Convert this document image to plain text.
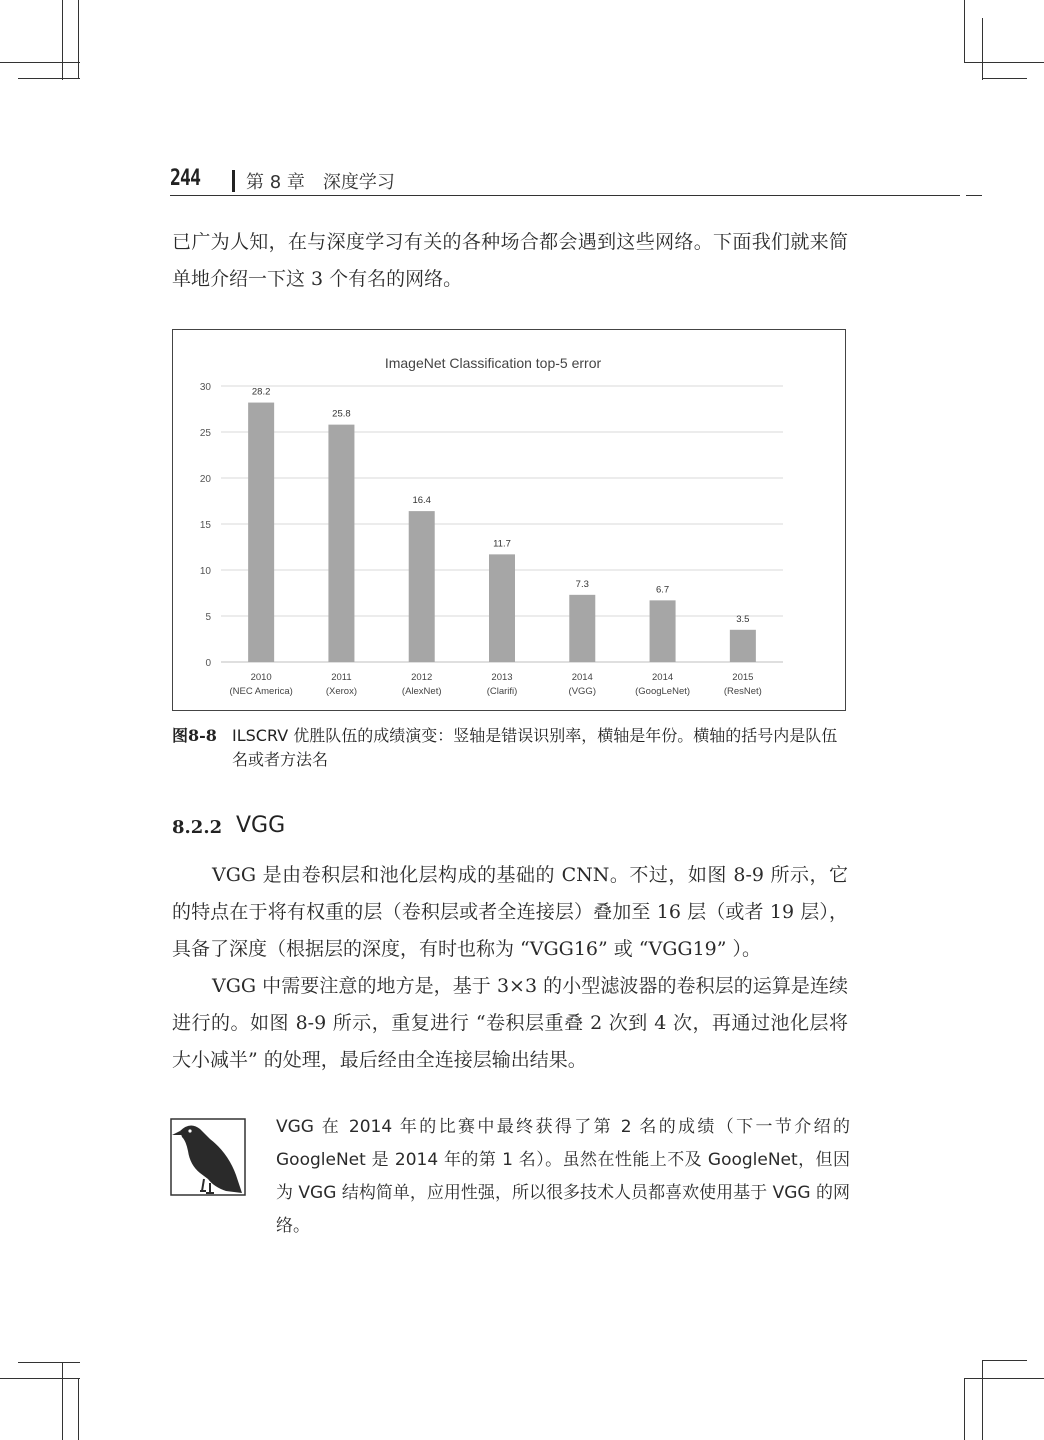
244	第 8 章　深度学习
已广为人知，在与深度学习有关的各种场合都会遇到这些网络。下面我们就来简单地介绍一下这 3 个有名的网络。
ImageNet Classification top-5 error
0
5
10
15
20
25
30	28.2
25.8
16.4
11.7
7.3
6.7
3.5
2010
(NEC America)
2011
(Xerox)
2012
(AlexNet)
2013
(Clarifi)
2014
(VGG)
2014
(GoogLeNet)
2015
(ResNet)
图8-8 ILSCRV 优胜队伍的成绩演变：竖轴是错误识别率，横轴是年份。横轴的括号内是队伍名或者方法名
8.2.2 VGG
VGG 是由卷积层和池化层构成的基础的 CNN。不过，如图 8-9 所示，它的特点在于将有权重的层（卷积层或者全连接层）叠加至 16 层（或者 19 层），具备了深度（根据层的深度，有时也称为 “VGG16” 或 “VGG19” ）。
VGG 中需要注意的地方是，基于 3×3 的小型滤波器的卷积层的运算是连续进行的。如图 8-9 所示，重复进行 “卷积层重叠 2 次到 4 次，再通过池化层将大小减半” 的处理，最后经由全连接层输出结果。
VGG 在 2014 年的比赛中最终获得了第 2 名的成绩（下一节介绍的 GoogleNet 是 2014 年的第 1 名）。虽然在性能上不及 GoogleNet，但因为 VGG 结构简单，应用性强，所以很多技术人员都喜欢使用基于 VGG 的网络。
